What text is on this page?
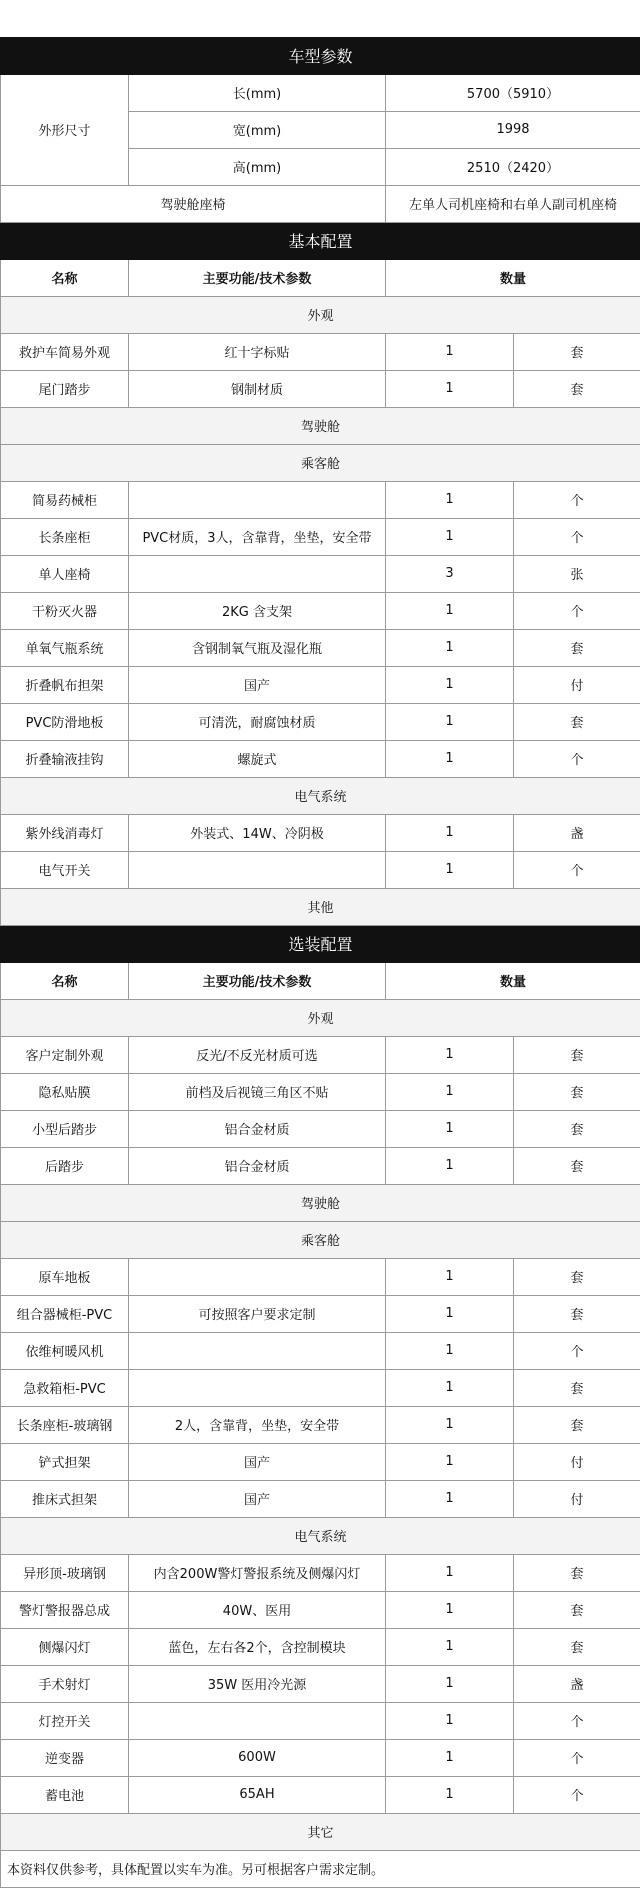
车型参数			
外形尺寸	长(mm)	5700（5910）	
	宽(mm)	1998	
	高(mm)	2510（2420）	
驾驶舱座椅		左单人司机座椅和右单人副司机座椅	
基本配置			
名称	主要功能/技术参数	数量	
外观			
救护车简易外观	红十字标贴	1	套
尾门踏步	钢制材质	1	套
驾驶舱			
乘客舱			
简易药械柜		1	个
长条座柜	PVC材质，3人，含靠背，坐垫，安全带	1	个
单人座椅		3	张
干粉灭火器	2KG 含支架	1	个
单氧气瓶系统	含钢制氧气瓶及湿化瓶	1	套
折叠帆布担架	国产	1	付
PVC防滑地板	可清洗，耐腐蚀材质	1	套
折叠输液挂钩	螺旋式	1	个
电气系统			
紫外线消毒灯	外装式、14W、冷阴极	1	盏
电气开关		1	个
其他			
选装配置			
名称	主要功能/技术参数	数量	
外观			
客户定制外观	反光/不反光材质可选	1	套
隐私贴膜	前档及后视镜三角区不贴	1	套
小型后踏步	铝合金材质	1	套
后踏步	铝合金材质	1	套
驾驶舱			
乘客舱			
原车地板		1	套
组合器械柜-PVC	可按照客户要求定制	1	套
依维柯暖风机		1	个
急救箱柜-PVC		1	套
长条座柜-玻璃钢	2人，含靠背，坐垫，安全带	1	套
铲式担架	国产	1	付
推床式担架	国产	1	付
电气系统			
异形顶-玻璃钢	内含200W警灯警报系统及侧爆闪灯	1	套
警灯警报器总成	40W、医用	1	套
侧爆闪灯	蓝色，左右各2个，含控制模块	1	套
手术射灯	35W 医用冷光源	1	盏
灯控开关		1	个
逆变器	600W	1	个
蓄电池	65AH	1	个
其它			
本资料仅供参考，具体配置以实车为准。另可根据客户需求定制。			
